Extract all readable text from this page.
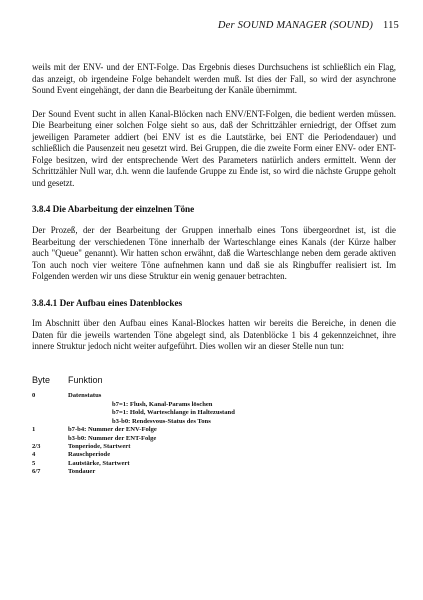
Der SOUND MANAGER (SOUND) 115

weils mit der ENV- und der ENT-Folge. Das Ergebnis dieses Durchsuchens ist schließlich ein Flag, das anzeigt, ob irgendeine Folge behandelt werden muß. Ist dies der Fall, so wird der asynchrone Sound Event eingehängt, der dann die Bearbeitung der Kanäle übernimmt.

Der Sound Event sucht in allen Kanal-Blöcken nach ENV/ENT-Folgen, die bedient werden müssen. Die Bearbeitung einer solchen Folge sieht so aus, daß der Schrittzähler erniedrigt, der Offset zum jeweiligen Parameter addiert (bei ENV ist es die Lautstärke, bei ENT die Periodendauer) und schließlich die Pausenzeit neu gesetzt wird. Bei Gruppen, die die zweite Form einer ENV- oder ENT-Folge besitzen, wird der entsprechende Wert des Parameters natürlich anders ermittelt. Wenn der Schrittzähler Null war, d.h. wenn die laufende Gruppe zu Ende ist, so wird die nächste Gruppe geholt und gesetzt.

3.8.4 Die Abarbeitung der einzelnen Töne

Der Prozeß, der der Bearbeitung der Gruppen innerhalb eines Tons übergeordnet ist, ist die Bearbeitung der verschiedenen Töne innerhalb der Warteschlange eines Kanals (der Kürze halber auch "Queue" genannt). Wir hatten schon erwähnt, daß die Warteschlange neben dem gerade aktiven Ton auch noch vier weitere Töne aufnehmen kann und daß sie als Ringbuffer realisiert ist. Im Folgenden werden wir uns diese Struktur ein wenig genauer betrachten.

3.8.4.1 Der Aufbau eines Datenblockes

Im Abschnitt über den Aufbau eines Kanal-Blockes hatten wir bereits die Bereiche, in denen die Daten für die jeweils wartenden Töne abgelegt sind, als Datenblöcke 1 bis 4 gekennzeichnet, ihre innere Struktur jedoch nicht weiter aufgeführt. Dies wollen wir an dieser Stelle nun tun:

Byte	Funktion
0	Datenstatus
b7=1: Flush, Kanal-Params löschen
b7=1: Hold, Warteschlange in Haltezustand
b3-b0: Rendesvous-Status des Tons
1	b7-b4: Nummer der ENV-Folge
b3-b0: Nummer der ENT-Folge
2/3	Tonperiode, Startwert
4	Rauschperiode
5	Lautstärke, Startwert
6/7	Tondauer
